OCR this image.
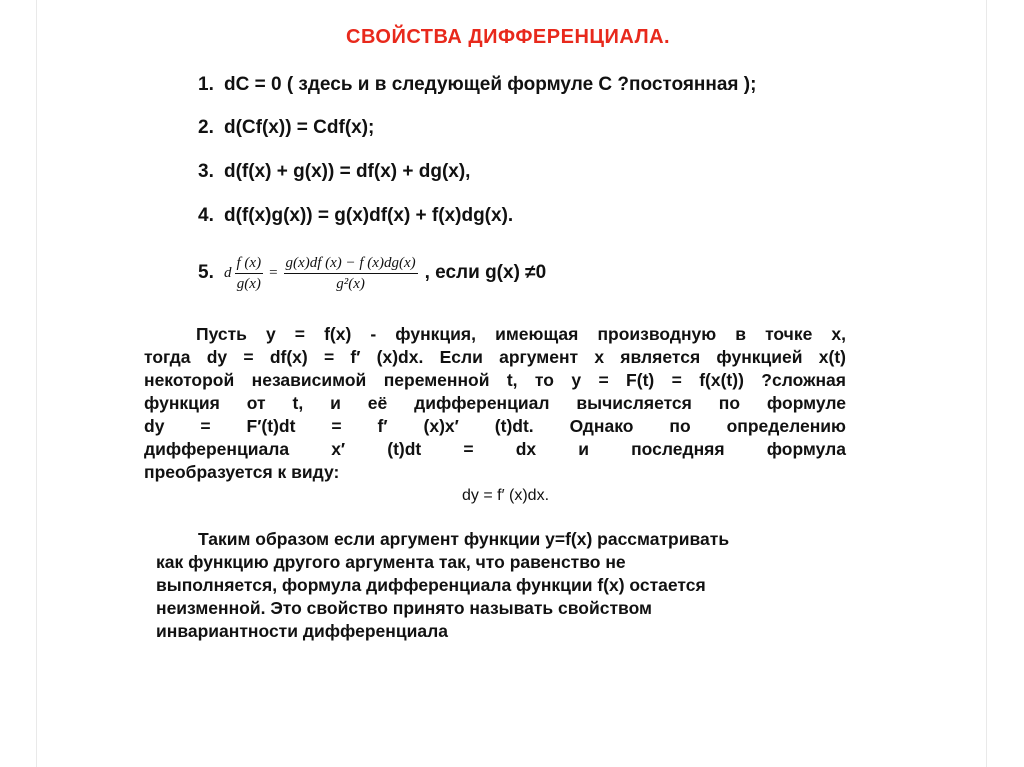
СВОЙСТВА ДИФФЕРЕНЦИАЛА.
1. dC = 0 ( здесь и в следующей формуле C ?постоянная );
2. d(Cf(x)) = Cdf(x);
3. d(f(x) + g(x)) = df(x) + dg(x),
4. d(f(x)g(x)) = g(x)df(x) + f(x)dg(x).
5. d $\frac{f (x)}{g(x)} = \frac{g(x)df (x) - f (x)dg(x)}{\text{g²(x)}}$ , если g(x) ≠0
Пусть y = f(x) - функция, имеющая производную в точке x,
тогда dy = df(x) = f′ (x)dx. Если аргумент x является функцией x(t)
некоторой независимой переменной t, то y = F(t) = f(x(t)) ?сложная
функция от t, и её дифференциал вычисляется по формуле
dy = F′(t)dt = f′ (x)x′ (t)dt. Однако по определению
дифференциала x′ (t)dt = dx и последняя формула
преобразуется к виду:
dy = f′ (x)dx.
Таким образом если аргумент функции y=f(x) рассматривать
как функцию другого аргумента так, что равенство не
выполняется, формула дифференциала функции f(x) остается
неизменной. Это свойство принято называть свойством
инвариантности дифференциала
